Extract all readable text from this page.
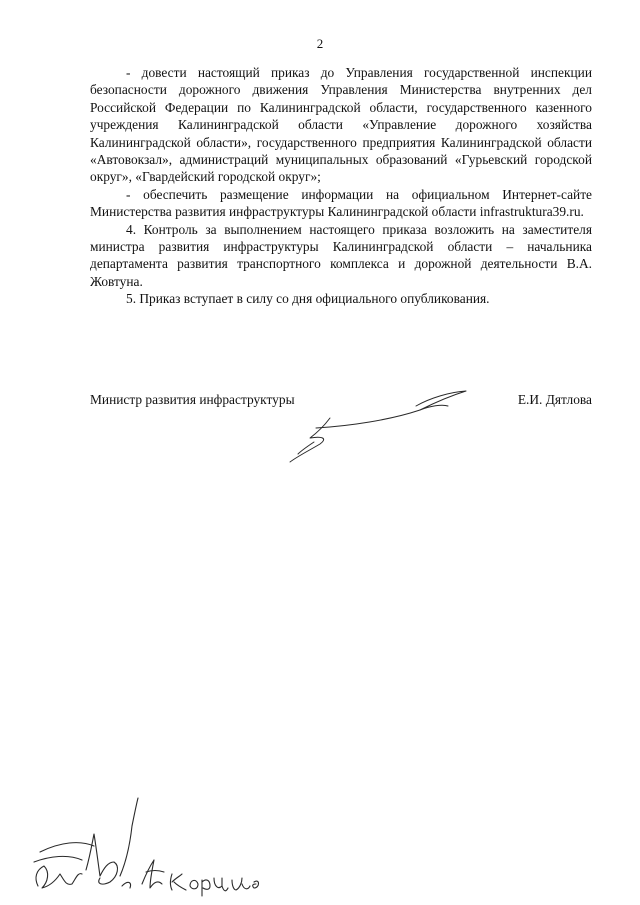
2

- довести настоящий приказ до Управления государственной инспекции безопасности дорожного движения Управления Министерства внутренних дел Российской Федерации по Калининградской области, государственного казенного учреждения Калининградской области «Управление дорожного хозяйства Калининградской области», государственного предприятия Калининградской области «Автовокзал», администраций муниципальных образований «Гурьевский городской округ», «Гвардейский городской округ»;

- обеспечить размещение информации на официальном Интернет-сайте Министерства развития инфраструктуры Калининградской области infrastruktura39.ru.

4. Контроль за выполнением настоящего приказа возложить на заместителя министра развития инфраструктуры Калининградской области – начальника департамента развития транспортного комплекса и дорожной деятельности В.А. Жовтуна.

5. Приказ вступает в силу со дня официального опубликования.

Министр развития инфраструктуры	Е.И. Дятлова
